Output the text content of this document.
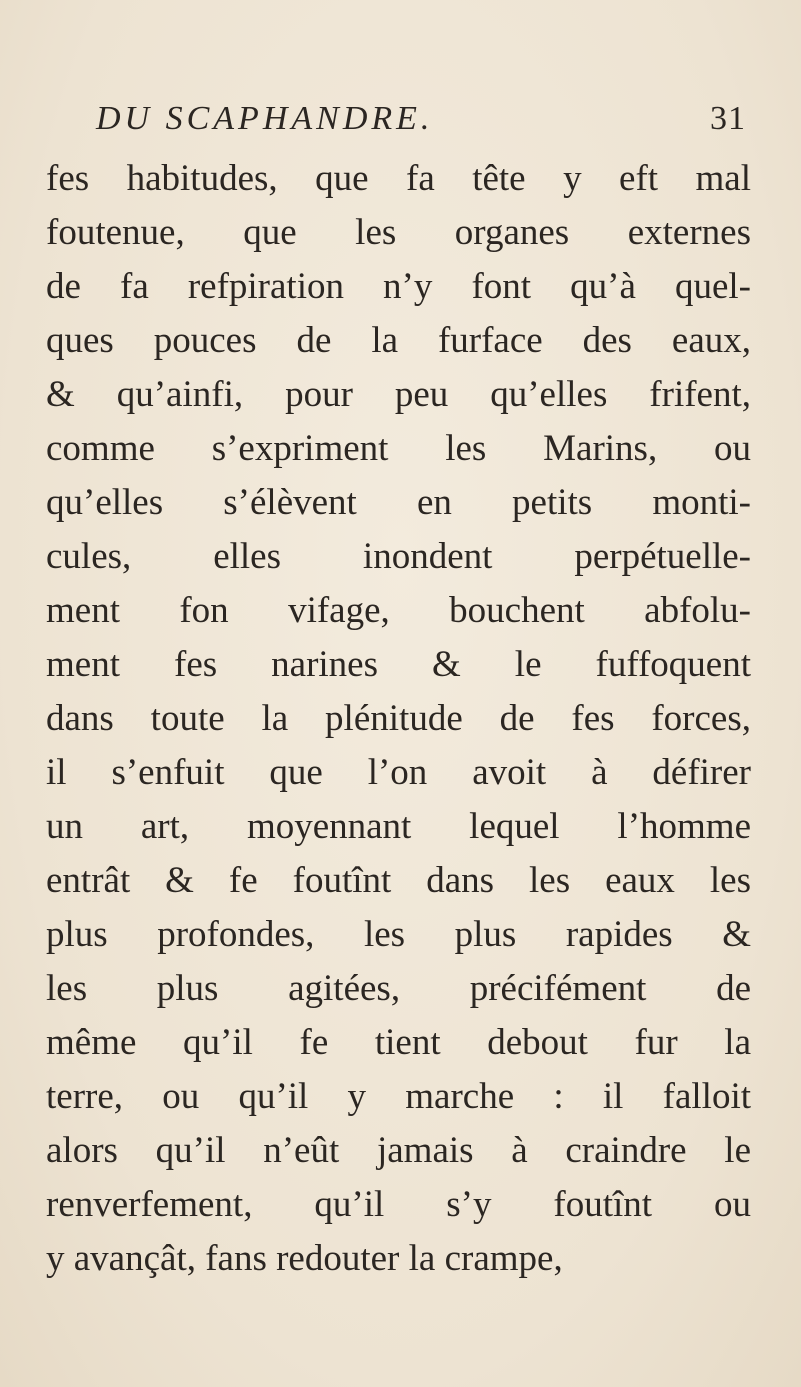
DU SCAPHANDRE.	31
fes habitudes, que fa tête y eft mal
foutenue, que les organes externes
de fa refpiration n’y font qu’à quel-
ques pouces de la furface des eaux,
& qu’ainfi, pour peu qu’elles frifent,
comme s’expriment les Marins, ou
qu’elles s’élèvent en petits monti-
cules, elles inondent perpétuelle-
ment fon vifage, bouchent abfolu-
ment fes narines & le fuffoquent
dans toute la plénitude de fes forces,
il s’enfuit que l’on avoit à défirer
un art, moyennant lequel l’homme
entrât & fe foutînt dans les eaux les
plus profondes, les plus rapides &
les plus agitées, précifément de
même qu’il fe tient debout fur la
terre, ou qu’il y marche : il falloit
alors qu’il n’eût jamais à craindre le
renverfement, qu’il s’y foutînt ou
y avançât, fans redouter la crampe,
